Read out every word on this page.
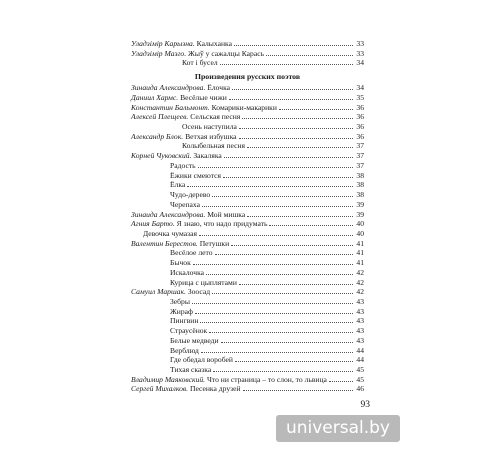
Уладзімір Карызна. Калыханка	33
Уладзімір Мазго. Жыў у сажалцы Карась	33
Кот і бусел	34
Произведения русских поэтов
Зинаида Александрова. Ёлочка	34
Даниил Хармс. Весёлые чижи	35
Константин Бальмонт. Комарики-макарики	36
Алексей Плещеев. Сельская песня	36
Осень наступила	36
Александр Блок. Ветхая избушка	36
Колыбельная песня	37
Корней Чуковский. Закаляка	37
Радость	37
Ёжики смеются	38
Ёлка	38
Чудо-дерево	38
Черепаха	39
Зинаида Александрова. Мой мишка	39
Агния Барто. Я знаю, что надо придумать	40
Девочка чумазая	40
Валентин Берестов. Петушки	41
Весёлое лето	41
Бычок	41
Искалочка	42
Курица с цыплятами	42
Самуил Маршак. Зоосад	42
Зебры	43
Жираф	43
Пингвин	43
Страусёнок	43
Белые медведи	43
Верблюд	44
Где обедал воробей	44
Тихая сказка	45
Владимир Маяковский. Что ни страница – то слон, то львица	45
Сергей Михалков. Песенка друзей	46
93
universal.by
